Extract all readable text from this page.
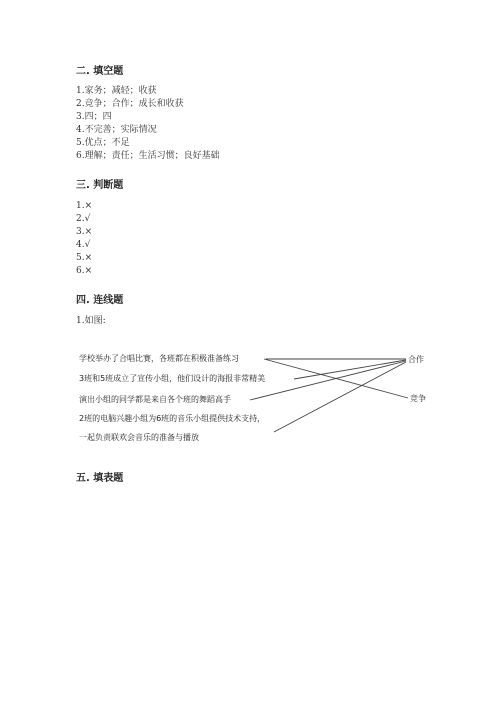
二. 填空题
1.家务；减轻；收获
2.竞争；合作；成长和收获
3.四；四
4.不完善；实际情况
5.优点；不足
6.理解；责任；生活习惯；良好基础
三. 判断题
1.×
2.√
3.×
4.√
5.×
6.×
四. 连线题
1.如图:
学校举办了合唱比赛，各班都在积极准备练习
3班和5班成立了宣传小组，他们设计的海报非常精美
演出小组的同学都是来自各个班的舞蹈高手
2班的电脑兴趣小组为6班的音乐小组提供技术支持，
一起负责联欢会音乐的准备与播放
合作
竞争
五. 填表题
